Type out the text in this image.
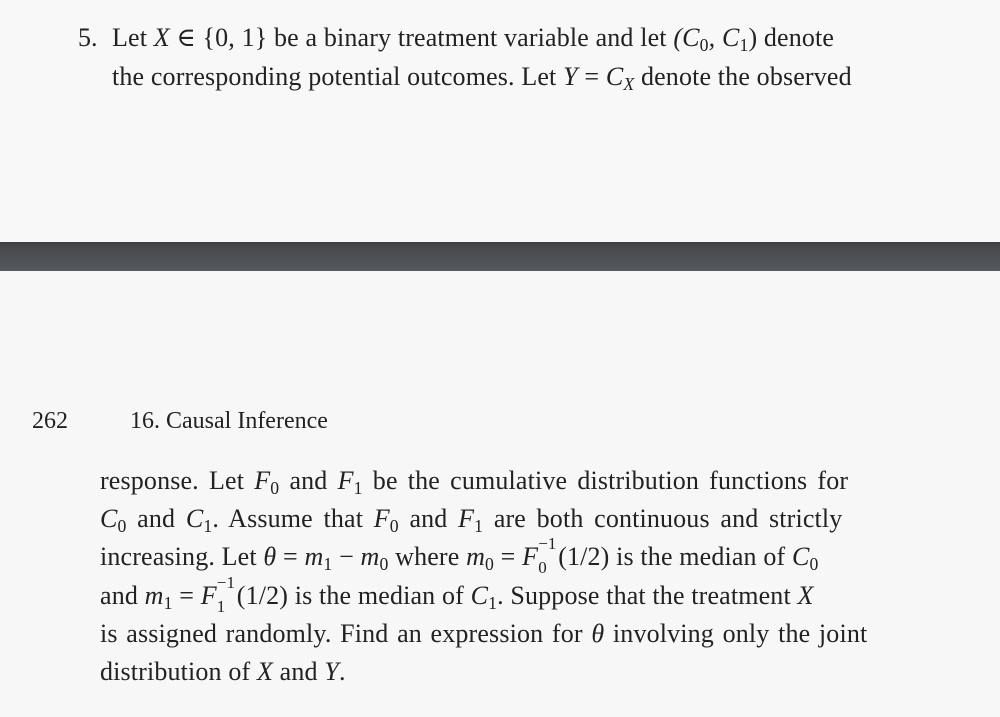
5. Let X ∈ {0, 1} be a binary treatment variable and let ($C_0$, $C_1$) denote
the corresponding potential outcomes. Let $Y = C_X$ denote the observed
262	16. Causal Inference
response. Let $F_0$ and $F_1$ be the cumulative distribution functions for
$C_0$ and $C_1$. Assume that $F_0$ and $F_1$ are both continuous and strictly
increasing. Let $\theta = m_1 - m_0$ where $m_0 = F -1$
0 (1/2) is the median of $C_0$
and $m_1 = F -1$
1 (1/2) is the median of $C_1$. Suppose that the treatment X
is assigned randomly. Find an expression for θ involving only the joint
distribution of X and Y.
